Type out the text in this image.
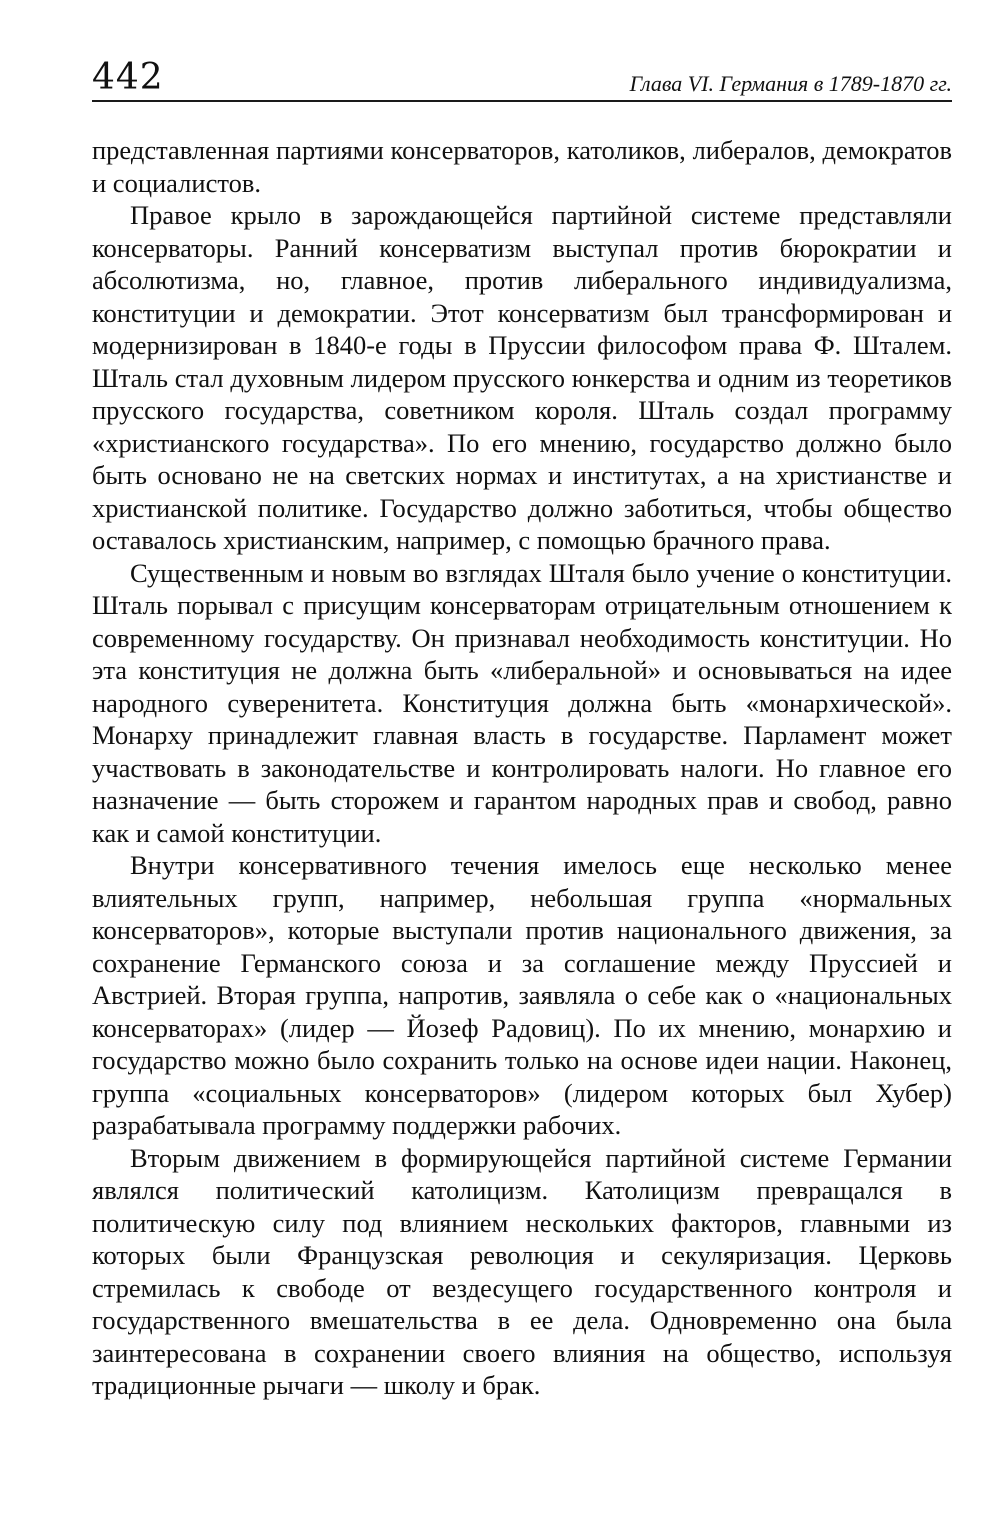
442	Глава VI. Германия в 1789-1870 гг.

представленная партиями консерваторов, католиков, либералов, демократов и социалистов.

Правое крыло в зарождающейся партийной системе представляли консерваторы. Ранний консерватизм выступал против бюрократии и абсолютизма, но, главное, против либерального индивидуализма, конституции и демократии. Этот консерватизм был трансформирован и модернизирован в 1840-е годы в Пруссии философом права Ф. Шталем. Шталь стал духовным лидером прусского юнкерства и одним из теоретиков прусского государства, советником короля. Шталь создал программу «христианского государства». По его мнению, государство должно было быть основано не на светских нормах и институтах, а на христианстве и христианской политике. Государство должно заботиться, чтобы общество оставалось христианским, например, с помощью брачного права.

Существенным и новым во взглядах Шталя было учение о конституции. Шталь порывал с присущим консерваторам отрицательным отношением к современному государству. Он признавал необходимость конституции. Но эта конституция не должна быть «либеральной» и основываться на идее народного суверенитета. Конституция должна быть «монархической». Монарху принадлежит главная власть в государстве. Парламент может участвовать в законодательстве и контролировать налоги. Но главное его назначение — быть сторожем и гарантом народных прав и свобод, равно как и самой конституции.

Внутри консервативного течения имелось еще несколько менее влиятельных групп, например, небольшая группа «нормальных консерваторов», которые выступали против национального движения, за сохранение Германского союза и за соглашение между Пруссией и Австрией. Вторая группа, напротив, заявляла о себе как о «национальных консерваторах» (лидер — Йозеф Радовиц). По их мнению, монархию и государство можно было сохранить только на основе идеи нации. Наконец, группа «социальных консерваторов» (лидером которых был Хубер) разрабатывала программу поддержки рабочих.

Вторым движением в формирующейся партийной системе Германии являлся политический католицизм. Католицизм превращался в политическую силу под влиянием нескольких факторов, главными из которых были Французская революция и секуляризация. Церковь стремилась к свободе от вездесущего государственного контроля и государственного вмешательства в ее дела. Одновременно она была заинтересована в сохранении своего влияния на общество, используя традиционные рычаги — школу и брак.
